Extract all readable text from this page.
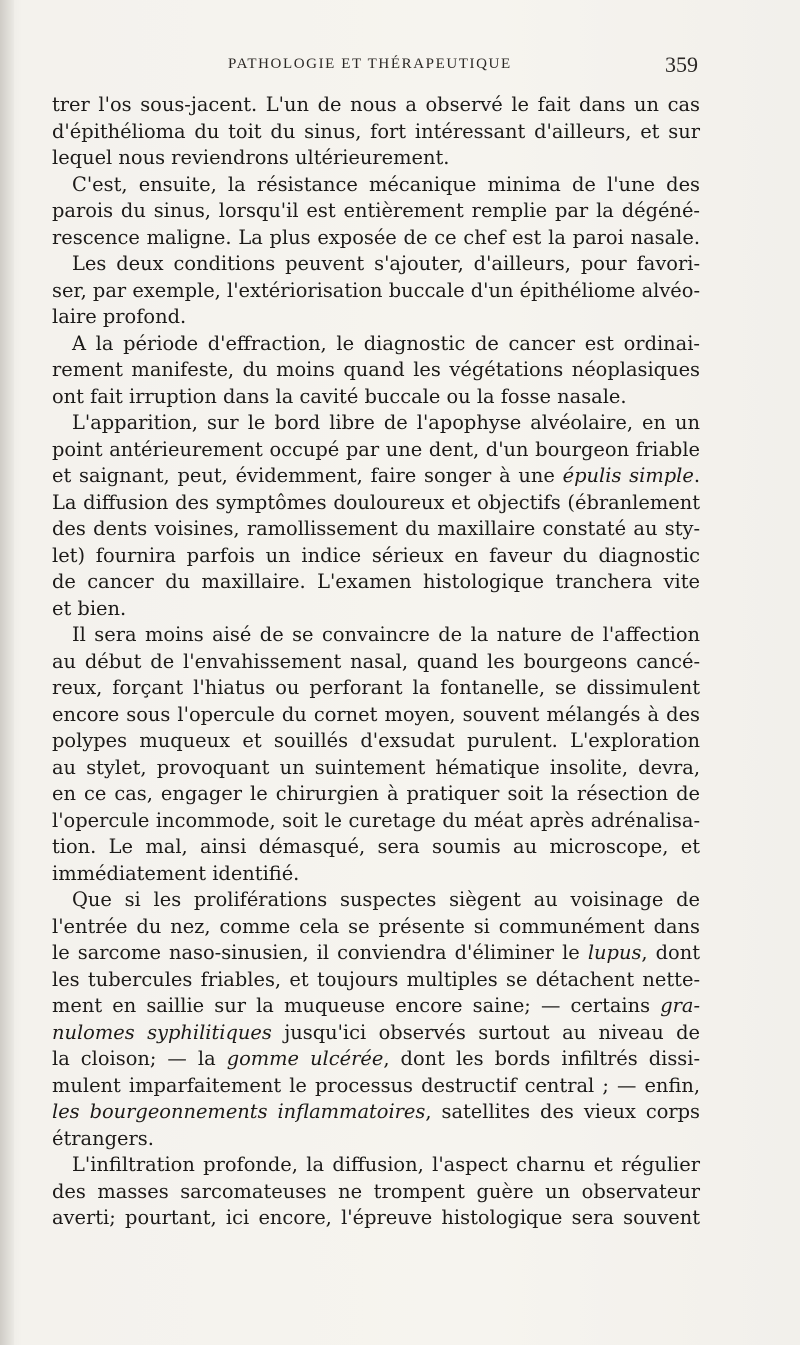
PATHOLOGIE ET THÉRAPEUTIQUE	359
trer l'os sous-jacent. L'un de nous a observé le fait dans un cas
d'épithélioma du toit du sinus, fort intéressant d'ailleurs, et sur
lequel nous reviendrons ultérieurement.
C'est, ensuite, la résistance mécanique minima de l'une des
parois du sinus, lorsqu'il est entièrement remplie par la dégéné-
rescence maligne. La plus exposée de ce chef est la paroi nasale.
Les deux conditions peuvent s'ajouter, d'ailleurs, pour favori-
ser, par exemple, l'extériorisation buccale d'un épithéliome alvéo-
laire profond.
A la période d'effraction, le diagnostic de cancer est ordinai-
rement manifeste, du moins quand les végétations néoplasiques
ont fait irruption dans la cavité buccale ou la fosse nasale.
L'apparition, sur le bord libre de l'apophyse alvéolaire, en un
point antérieurement occupé par une dent, d'un bourgeon friable
et saignant, peut, évidemment, faire songer à une épulis simple.
La diffusion des symptômes douloureux et objectifs (ébranlement
des dents voisines, ramollissement du maxillaire constaté au sty-
let) fournira parfois un indice sérieux en faveur du diagnostic
de cancer du maxillaire. L'examen histologique tranchera vite
et bien.
Il sera moins aisé de se convaincre de la nature de l'affection
au début de l'envahissement nasal, quand les bourgeons cancé-
reux, forçant l'hiatus ou perforant la fontanelle, se dissimulent
encore sous l'opercule du cornet moyen, souvent mélangés à des
polypes muqueux et souillés d'exsudat purulent. L'exploration
au stylet, provoquant un suintement hématique insolite, devra,
en ce cas, engager le chirurgien à pratiquer soit la résection de
l'opercule incommode, soit le curetage du méat après adrénalisa-
tion. Le mal, ainsi démasqué, sera soumis au microscope, et
immédiatement identifié.
Que si les proliférations suspectes siègent au voisinage de
l'entrée du nez, comme cela se présente si communément dans
le sarcome naso-sinusien, il conviendra d'éliminer le lupus, dont
les tubercules friables, et toujours multiples se détachent nette-
ment en saillie sur la muqueuse encore saine; — certains gra-
nulomes syphilitiques jusqu'ici observés surtout au niveau de
la cloison; — la gomme ulcérée, dont les bords infiltrés dissi-
mulent imparfaitement le processus destructif central ; — enfin,
les bourgeonnements inflammatoires, satellites des vieux corps
étrangers.
L'infiltration profonde, la diffusion, l'aspect charnu et régulier
des masses sarcomateuses ne trompent guère un observateur
averti; pourtant, ici encore, l'épreuve histologique sera souvent
